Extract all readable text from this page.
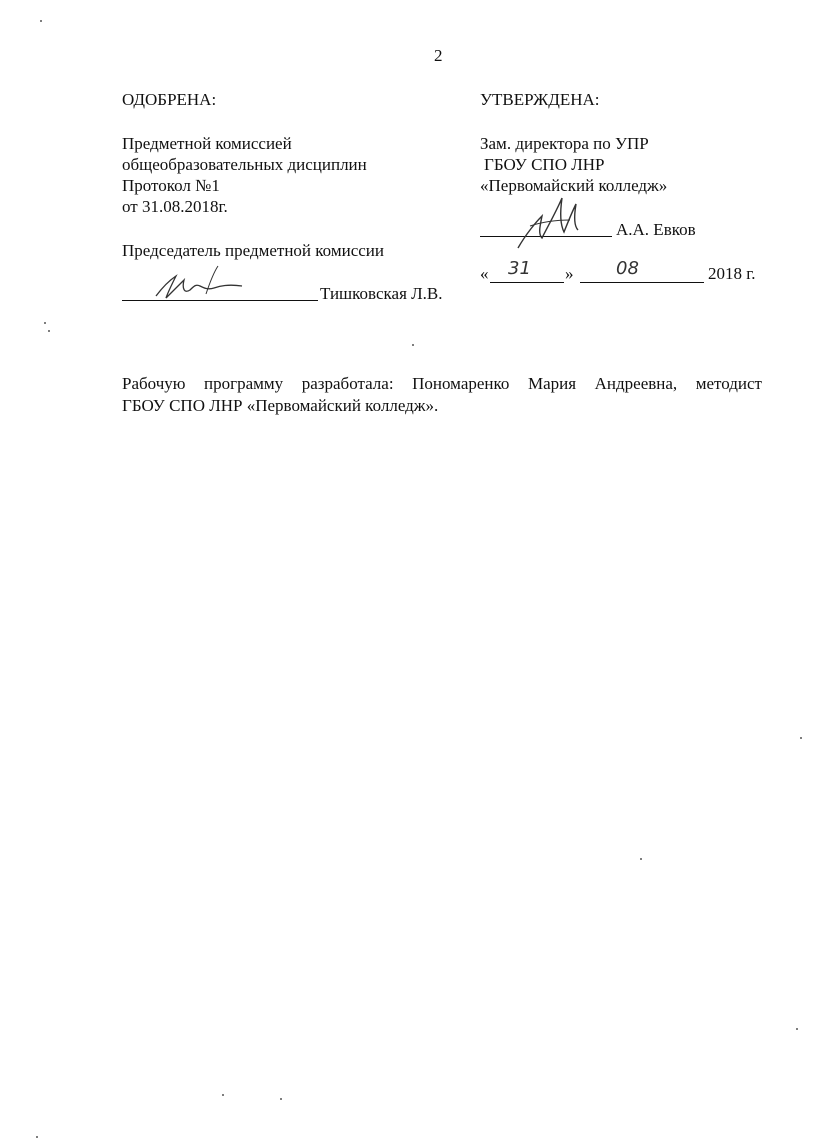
2
ОДОБРЕНА:
Предметной комиссией
общеобразовательных дисциплин
Протокол №1
от 31.08.2018г.
Председатель предметной комиссии
Тишковская Л.В.
УТВЕРЖДЕНА:
Зам. директора по УПР
ГБОУ СПО ЛНР
«Первомайский колледж»
А.А. Евков
« 31 » 08	2018 г.
Рабочую программу разработала: Пономаренко Мария Андреевна, методист
ГБОУ СПО ЛНР «Первомайский колледж».
